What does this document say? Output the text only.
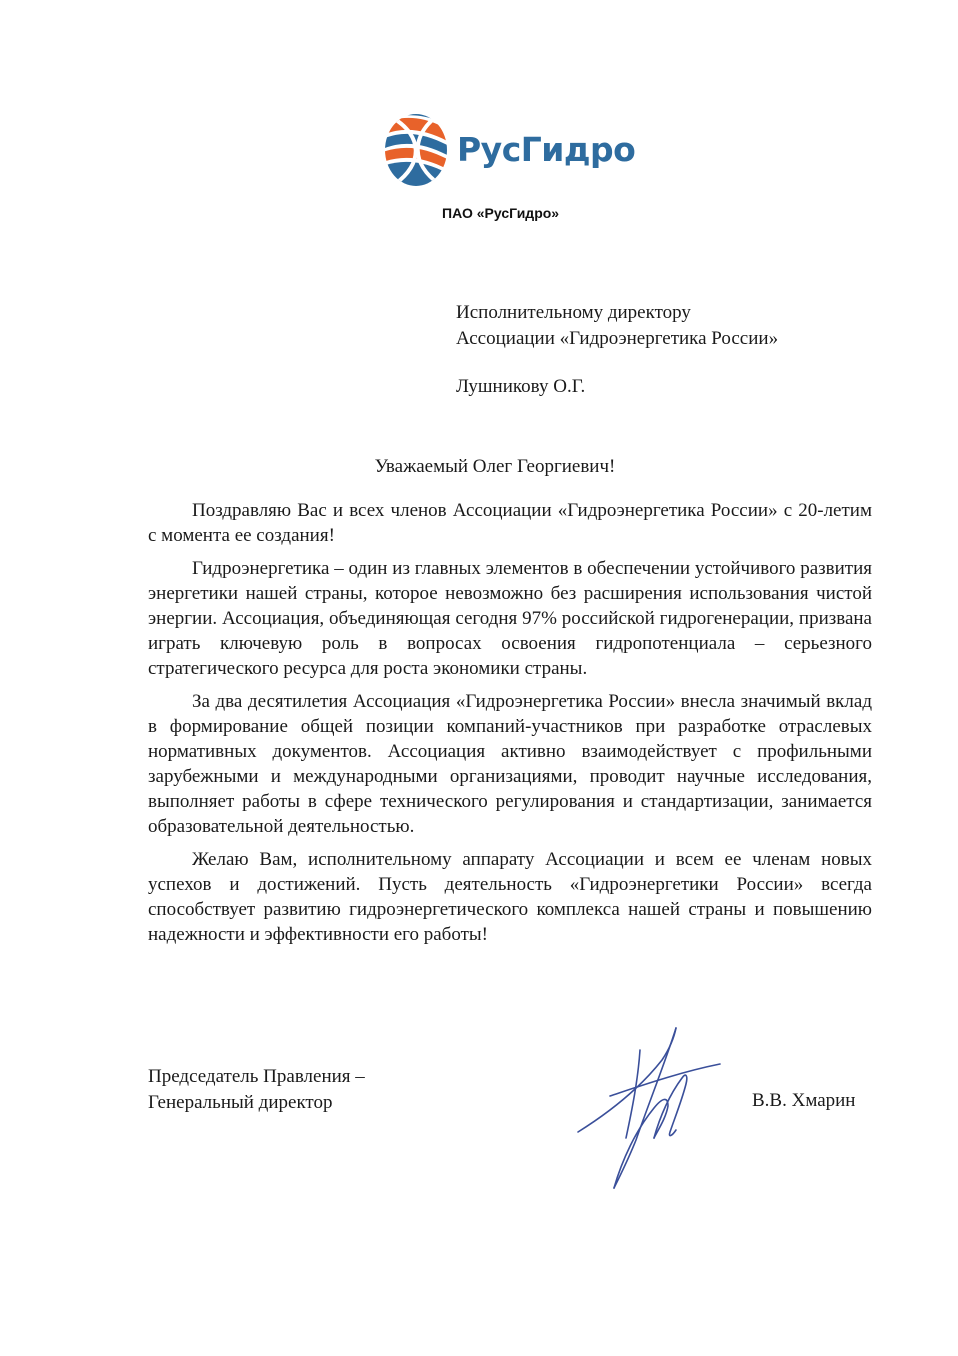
РусГидро
ПАО «РусГидро»
Исполнительному директору
Ассоциации «Гидроэнергетика России»
Лушникову О.Г.
Уважаемый Олег Георгиевич!

Поздравляю Вас и всех членов Ассоциации «Гидроэнергетика России» с 20-летим с момента ее создания!

Гидроэнергетика – один из главных элементов в обеспечении устойчивого развития энергетики нашей страны, которое невозможно без расширения использования чистой энергии. Ассоциация, объединяющая сегодня 97% российской гидрогенерации, призвана играть ключевую роль в вопросах освоения гидропотенциала – серьезного стратегического ресурса для роста экономики страны.

За два десятилетия Ассоциация «Гидроэнергетика России» внесла значимый вклад в формирование общей позиции компаний-участников при разработке отраслевых нормативных документов. Ассоциация активно взаимодействует с профильными зарубежными и международными организациями, проводит научные исследования, выполняет работы в сфере технического регулирования и стандартизации, занимается образовательной деятельностью.

Желаю Вам, исполнительному аппарату Ассоциации и всем ее членам новых успехов и достижений. Пусть деятельность «Гидроэнергетики России» всегда способствует развитию гидроэнергетического комплекса нашей страны и повышению надежности и эффективности его работы!

Председатель Правления –
Генеральный директор	В.В. Хмарин
